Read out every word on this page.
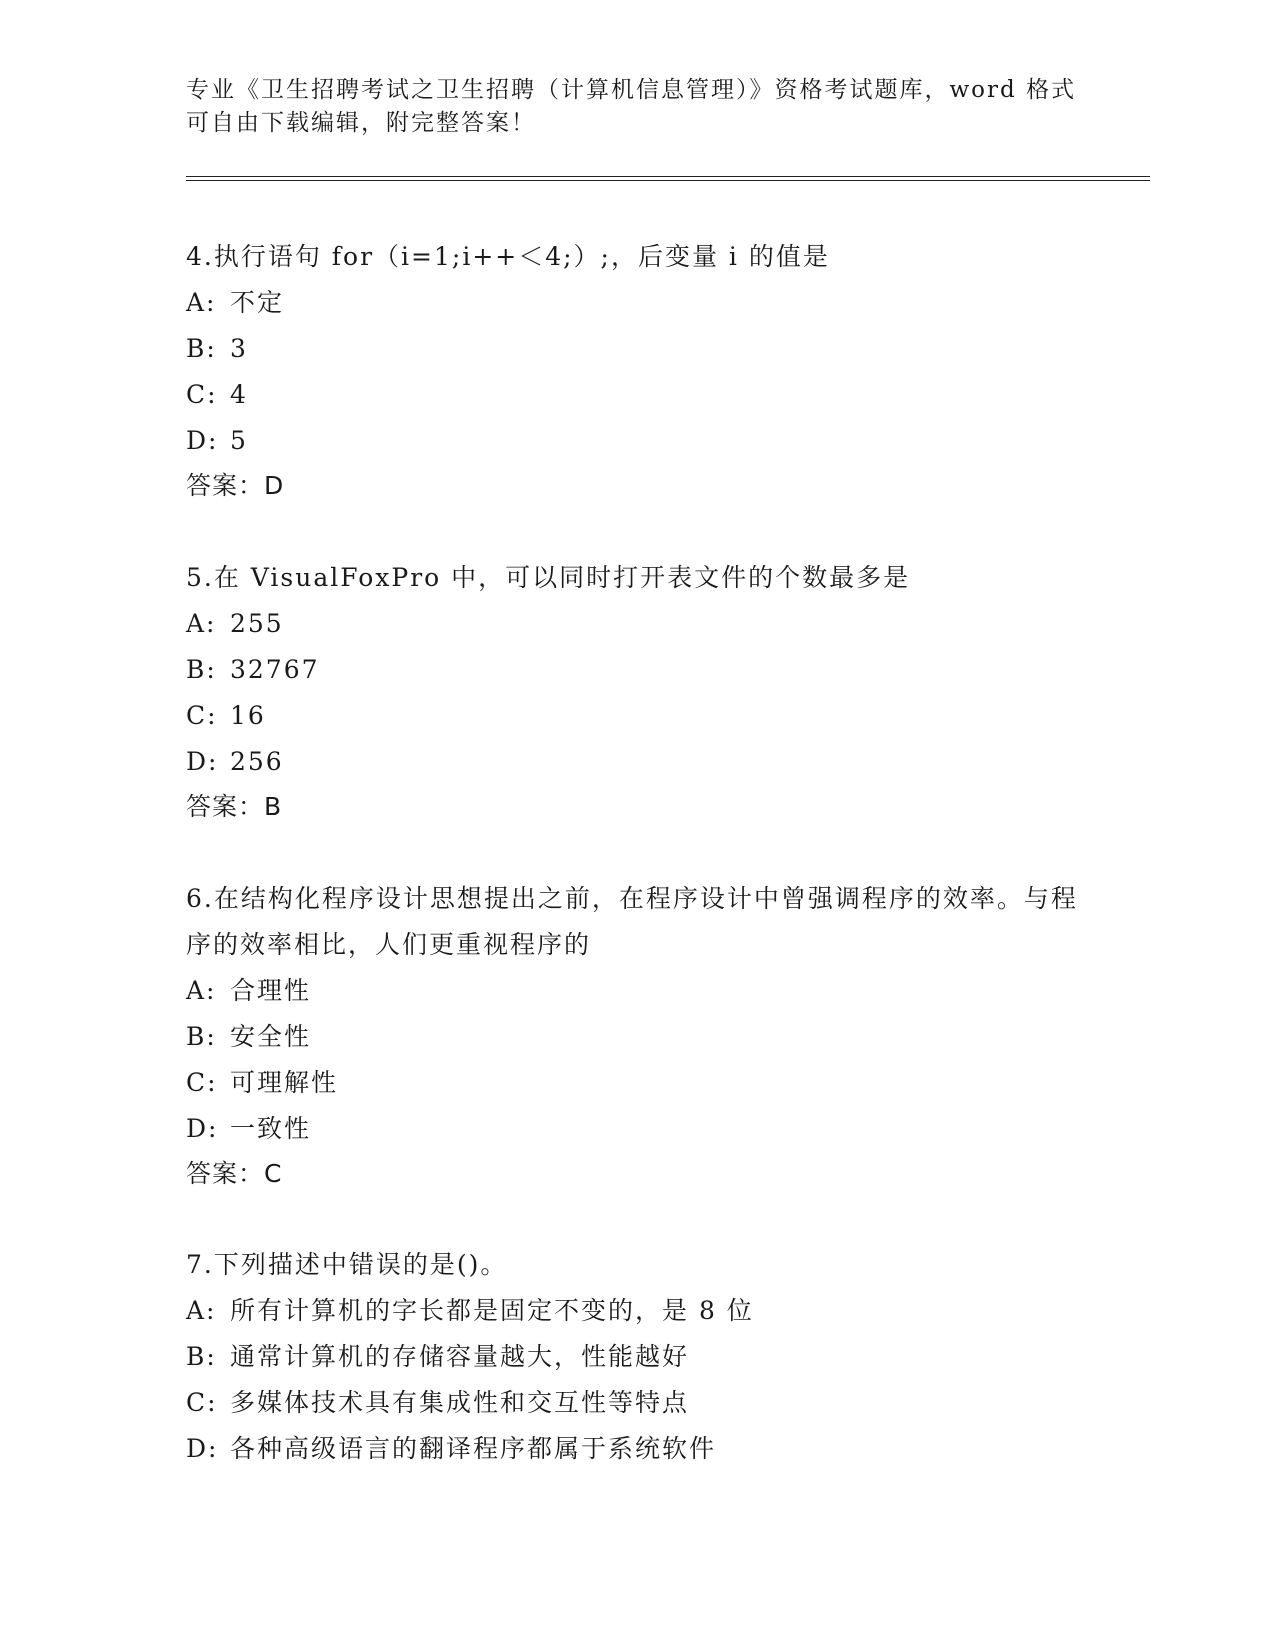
专业《卫生招聘考试之卫生招聘（计算机信息管理）》资格考试题库，word 格式
可自由下载编辑，附完整答案！
4.执行语句 for（i=1;i++＜4;）;，后变量 i 的值是
A: 不定
B: 3
C: 4
D: 5
答案：D
5.在 VisualFoxPro 中，可以同时打开表文件的个数最多是
A: 255
B: 32767
C: 16
D: 256
答案：B
6.在结构化程序设计思想提出之前，在程序设计中曾强调程序的效率。与程序的效率相比，人们更重视程序的
A: 合理性
B: 安全性
C: 可理解性
D: 一致性
答案：C
7.下列描述中错误的是()。
A: 所有计算机的字长都是固定不变的，是 8 位
B: 通常计算机的存储容量越大，性能越好
C: 多媒体技术具有集成性和交互性等特点
D: 各种高级语言的翻译程序都属于系统软件
